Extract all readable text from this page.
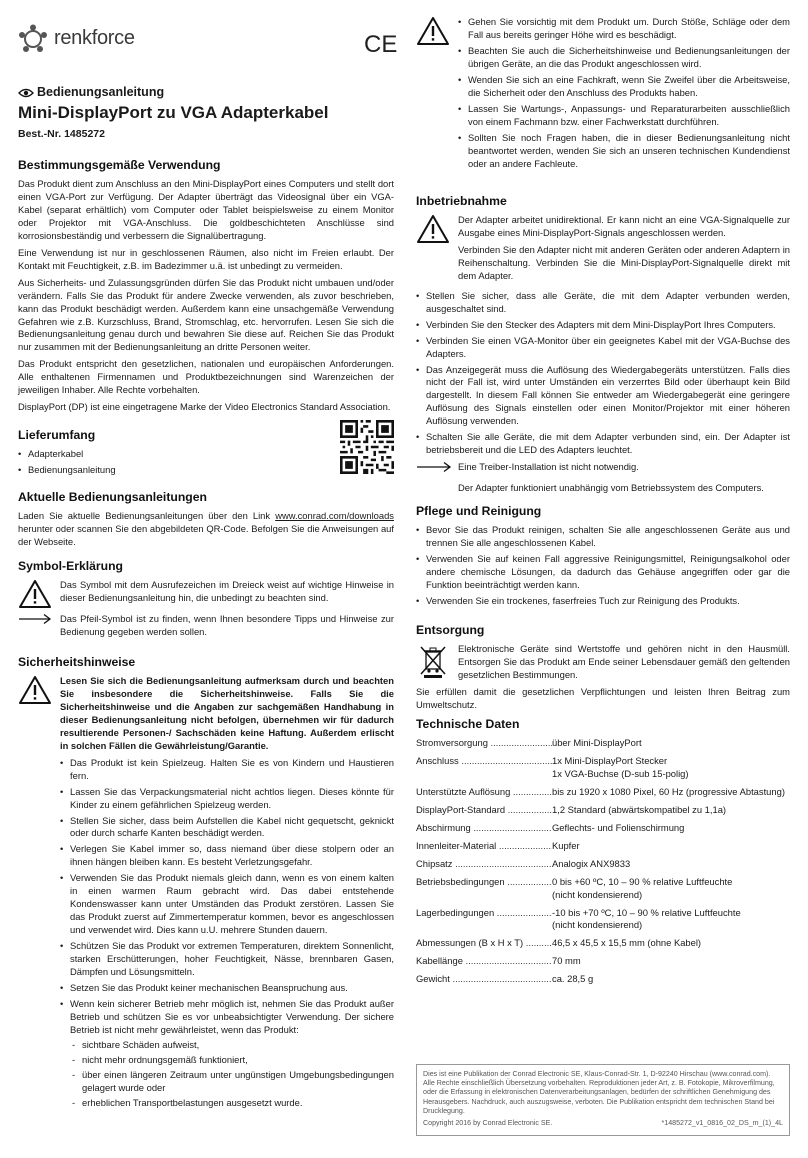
renkforce	CE
Bedienungsanleitung
Mini-DisplayPort zu VGA Adapterkabel
Best.-Nr. 1485272
Bestimmungsgemäße Verwendung

Das Produkt dient zum Anschluss an den Mini-DisplayPort eines Computers und stellt dort einen VGA-Port zur Verfügung. Der Adapter überträgt das Videosignal über ein VGA-Kabel (separat erhältlich) vom Computer oder Tablet beispielsweise zu einem Monitor oder Projektor mit VGA-Anschluss. Die goldbeschichteten Anschlüsse sind korrosionsbeständig und verbessern die Signalübertragung.

Eine Verwendung ist nur in geschlossenen Räumen, also nicht im Freien erlaubt. Der Kontakt mit Feuchtigkeit, z.B. im Badezimmer u.ä. ist unbedingt zu vermeiden.

Aus Sicherheits- und Zulassungsgründen dürfen Sie das Produkt nicht umbauen und/oder verändern. Falls Sie das Produkt für andere Zwecke verwenden, als zuvor beschrieben, kann das Produkt beschädigt werden. Außerdem kann eine unsachgemäße Verwendung Gefahren wie z.B. Kurzschluss, Brand, Stromschlag, etc. hervorrufen. Lesen Sie sich die Bedienungsanleitung genau durch und bewahren Sie diese auf. Reichen Sie das Produkt nur zusammen mit der Bedienungsanleitung an dritte Personen weiter.

Das Produkt entspricht den gesetzlichen, nationalen und europäischen Anforderungen. Alle enthaltenen Firmennamen und Produktbezeichnungen sind Warenzeichen der jeweiligen Inhaber. Alle Rechte vorbehalten.

DisplayPort (DP) ist eine eingetragene Marke der Video Electronics Standard Association.

Lieferumfang
• Adapterkabel
• Bedienungsanleitung
Aktuelle Bedienungsanleitungen

Laden Sie aktuelle Bedienungsanleitungen über den Link www.conrad.com/downloads herunter oder scannen Sie den abgebildeten QR-Code. Befolgen Sie die Anweisungen auf der Webseite.

Symbol-Erklärung
Das Symbol mit dem Ausrufezeichen im Dreieck weist auf wichtige Hinweise in dieser Bedienungsanleitung hin, die unbedingt zu beachten sind.
Das Pfeil-Symbol ist zu finden, wenn Ihnen besondere Tipps und Hinweise zur Bedienung gegeben werden sollen.
Sicherheitshinweise
Lesen Sie sich die Bedienungsanleitung aufmerksam durch und beachten Sie insbesondere die Sicherheitshinweise. Falls Sie die Sicherheitshinweise und die Angaben zur sachgemäßen Handhabung in dieser Bedienungsanleitung nicht befolgen, übernehmen wir für dadurch resultierende Personen-/ Sachschäden keine Haftung. Außerdem erlischt in solchen Fällen die Gewährleistung/Garantie.
• Das Produkt ist kein Spielzeug. Halten Sie es von Kindern und Haustieren fern.
• Lassen Sie das Verpackungsmaterial nicht achtlos liegen. Dieses könnte für Kinder zu einem gefährlichen Spielzeug werden.
• Stellen Sie sicher, dass beim Aufstellen die Kabel nicht gequetscht, geknickt oder durch scharfe Kanten beschädigt werden.
• Verlegen Sie Kabel immer so, dass niemand über diese stolpern oder an ihnen hängen bleiben kann. Es besteht Verletzungsgefahr.
• Verwenden Sie das Produkt niemals gleich dann, wenn es von einem kalten in einen warmen Raum gebracht wird. Das dabei entstehende Kondenswasser kann unter Umständen das Produkt zerstören. Lassen Sie das Produkt zuerst auf Zimmertemperatur kommen, bevor es angeschlossen und verwendet wird. Dies kann u.U. mehrere Stunden dauern.
• Schützen Sie das Produkt vor extremen Temperaturen, direktem Sonnenlicht, starken Erschütterungen, hoher Feuchtigkeit, Nässe, brennbaren Gasen, Dämpfen und Lösungsmitteln.
• Setzen Sie das Produkt keiner mechanischen Beanspruchung aus.
• Wenn kein sicherer Betrieb mehr möglich ist, nehmen Sie das Produkt außer Betrieb und schützen Sie es vor unbeabsichtigter Verwendung. Der sichere Betrieb ist nicht mehr gewährleistet, wenn das Produkt:
- sichtbare Schäden aufweist,
- nicht mehr ordnungsgemäß funktioniert,
- über einen längeren Zeitraum unter ungünstigen Umgebungsbedingungen gelagert wurde oder
- erheblichen Transportbelastungen ausgesetzt wurde.
• Gehen Sie vorsichtig mit dem Produkt um. Durch Stöße, Schläge oder dem Fall aus bereits geringer Höhe wird es beschädigt.
• Beachten Sie auch die Sicherheitshinweise und Bedienungsanleitungen der übrigen Geräte, an die das Produkt angeschlossen wird.
• Wenden Sie sich an eine Fachkraft, wenn Sie Zweifel über die Arbeitsweise, die Sicherheit oder den Anschluss des Produkts haben.
• Lassen Sie Wartungs-, Anpassungs- und Reparaturarbeiten ausschließlich von einem Fachmann bzw. einer Fachwerkstatt durchführen.
• Sollten Sie noch Fragen haben, die in dieser Bedienungsanleitung nicht beantwortet werden, wenden Sie sich an unseren technischen Kundendienst oder an andere Fachleute.
Inbetriebnahme

Der Adapter arbeitet unidirektional. Er kann nicht an eine VGA-Signalquelle zur Ausgabe eines Mini-DisplayPort-Signals angeschlossen werden.

Verbinden Sie den Adapter nicht mit anderen Geräten oder anderen Adaptern in Reihenschaltung. Verbinden Sie die Mini-DisplayPort-Signalquelle direkt mit dem Adapter.

• Stellen Sie sicher, dass alle Geräte, die mit dem Adapter verbunden werden, ausgeschaltet sind.
• Verbinden Sie den Stecker des Adapters mit dem Mini-DisplayPort Ihres Computers.
• Verbinden Sie einen VGA-Monitor über ein geeignetes Kabel mit der VGA-Buchse des Adapters.
• Das Anzeigegerät muss die Auflösung des Wiedergabegeräts unterstützen. Falls dies nicht der Fall ist, wird unter Umständen ein verzerrtes Bild oder überhaupt kein Bild dargestellt. In diesem Fall können Sie entweder am Wiedergabegerät eine geringere Auflösung des Signals einstellen oder einen Monitor/Projektor mit einer höheren Auflösung verwenden.
• Schalten Sie alle Geräte, die mit dem Adapter verbunden sind, ein. Der Adapter ist betriebsbereit und die LED des Adapters leuchtet.

Eine Treiber-Installation ist nicht notwendig.

Der Adapter funktioniert unabhängig vom Betriebssystem des Computers.

Pflege und Reinigung
• Bevor Sie das Produkt reinigen, schalten Sie alle angeschlossenen Geräte aus und trennen Sie alle angeschlossenen Kabel.
• Verwenden Sie auf keinen Fall aggressive Reinigungsmittel, Reinigungsalkohol oder andere chemische Lösungen, da dadurch das Gehäuse angegriffen oder gar die Funktion beeinträchtigt werden kann.
• Verwenden Sie ein trockenes, faserfreies Tuch zur Reinigung des Produkts.
Entsorgung
Elektronische Geräte sind Wertstoffe und gehören nicht in den Hausmüll. Entsorgen Sie das Produkt am Ende seiner Lebensdauer gemäß den geltenden gesetzlichen Bestimmungen.

Sie erfüllen damit die gesetzlichen Verpflichtungen und leisten Ihren Beitrag zum Umweltschutz.

Technische Daten
Stromversorgung .....	über Mini-DisplayPort
Anschluss .....	1x Mini-DisplayPort Stecker
1x VGA-Buchse (D-sub 15-polig)
Unterstützte Auflösung .....	bis zu 1920 x 1080 Pixel, 60 Hz (progressive Abtastung)
DisplayPort-Standard .....	1,2 Standard (abwärtskompatibel zu 1,1a)
Abschirmung .....	Geflechts- und Folienschirmung
Innenleiter-Material .....	Kupfer
Chipsatz .....	Analogix ANX9833
Betriebsbedingungen .....	0 bis +60 ºC, 10 – 90 % relative Luftfeuchte
(nicht kondensierend)
Lagerbedingungen .....	-10 bis +70 ºC, 10 – 90 % relative Luftfeuchte
(nicht kondensierend)
Abmessungen (B x H x T) .....	46,5 x 45,5 x 15,5 mm (ohne Kabel)
Kabellänge .....	70 mm
Gewicht .....	ca. 28,5 g
Dies ist eine Publikation der Conrad Electronic SE, Klaus-Conrad-Str. 1, D-92240 Hirschau (www.conrad.com).
Alle Rechte einschließlich Übersetzung vorbehalten. Reproduktionen jeder Art, z. B. Fotokopie, Mikroverfilmung, oder die Erfassung in elektronischen Datenverarbeitungsanlagen, bedürfen der schriftlichen Genehmigung des Herausgebers. Nachdruck, auch auszugsweise, verboten. Die Publikation entspricht dem technischen Stand bei Drucklegung.
Copyright 2016 by Conrad Electronic SE.	*1485272_v1_0816_02_DS_m_(1)_4L
